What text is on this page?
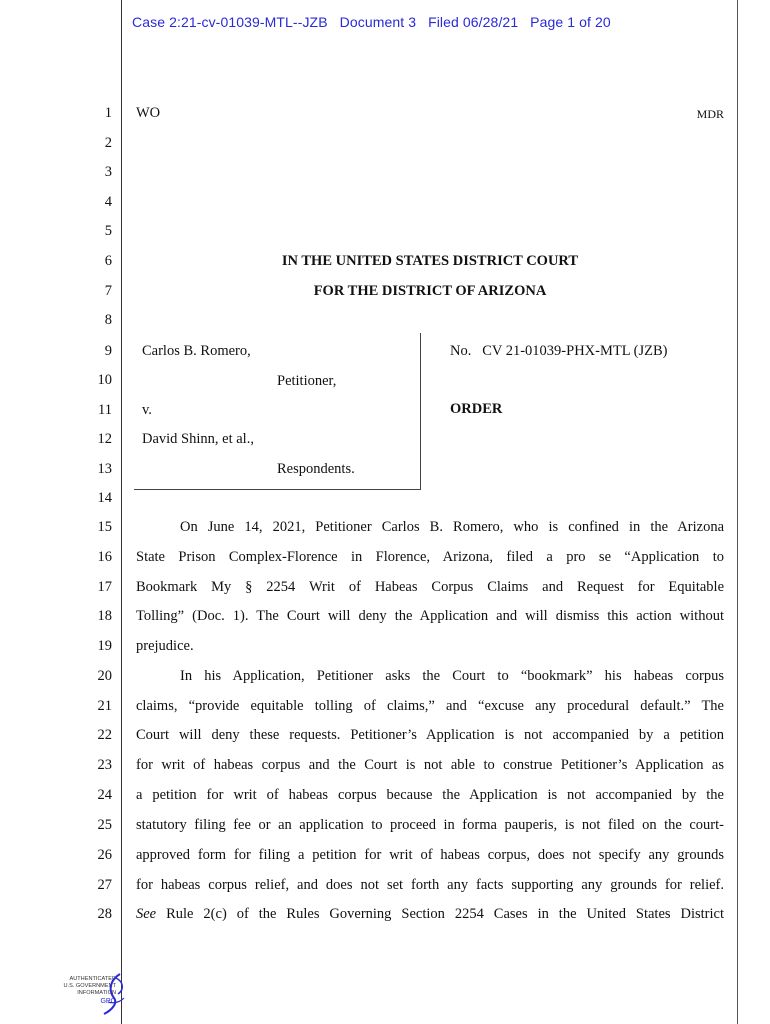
Case 2:21-cv-01039-MTL--JZB   Document 3   Filed 06/28/21   Page 1 of 20
1
2
3
4
5
6
7
8
9
10
11
12
13
14
15
16
17
18
19
20
21
22
23
24
25
26
27
28
WO	MDR
IN THE UNITED STATES DISTRICT COURT
FOR THE DISTRICT OF ARIZONA
Carlos B. Romero,
Petitioner,
v.
David Shinn, et al.,
Respondents.
No.   CV 21-01039-PHX-MTL (JZB)
ORDER
On June 14, 2021, Petitioner Carlos B. Romero, who is confined in the Arizona
State Prison Complex-Florence in Florence, Arizona, filed a pro se “Application to
Bookmark My § 2254 Writ of Habeas Corpus Claims and Request for Equitable
Tolling” (Doc. 1). The Court will deny the Application and will dismiss this action without
prejudice.
In his Application, Petitioner asks the Court to “bookmark” his habeas corpus
claims, “provide equitable tolling of claims,” and “excuse any procedural default.” The
Court will deny these requests. Petitioner’s Application is not accompanied by a petition
for writ of habeas corpus and the Court is not able to construe Petitioner’s Application as
a petition for writ of habeas corpus because the Application is not accompanied by the
statutory filing fee or an application to proceed in forma pauperis, is not filed on the court-
approved form for filing a petition for writ of habeas corpus, does not specify any grounds
for habeas corpus relief, and does not set forth any facts supporting any grounds for relief.
See Rule 2(c) of the Rules Governing Section 2254 Cases in the United States District
AUTHENTICATED
U.S. GOVERNMENT
INFORMATION
GPO
